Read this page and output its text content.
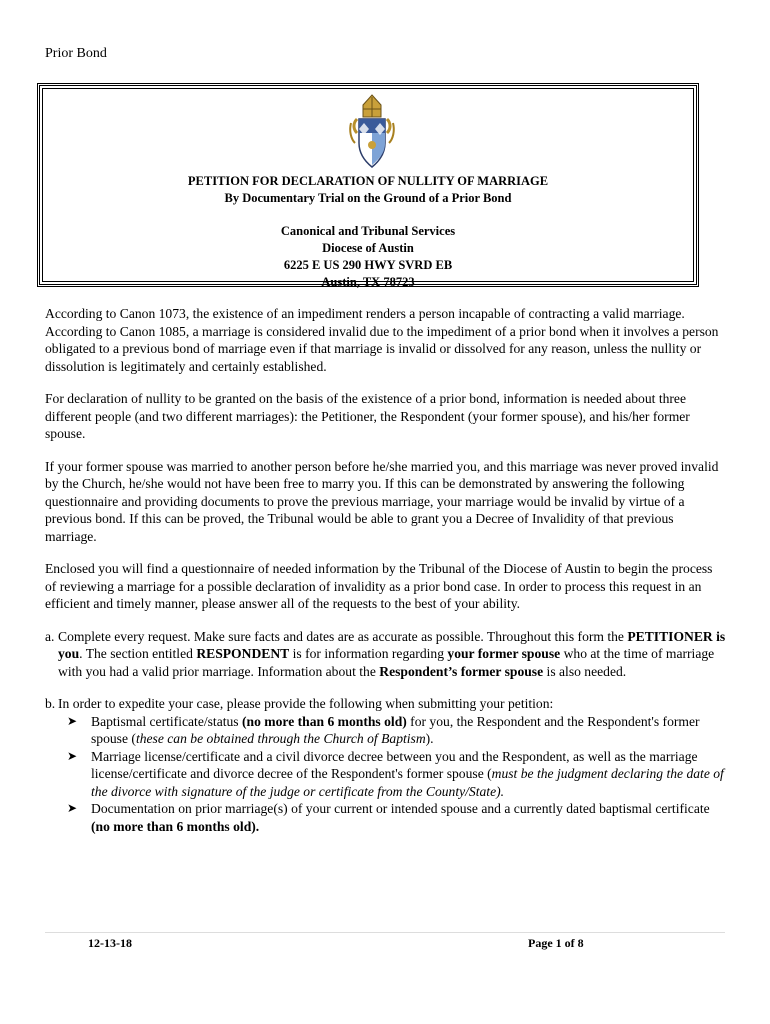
Prior Bond
PETITION FOR DECLARATION OF NULLITY OF MARRIAGE
By Documentary Trial on the Ground of a Prior Bond
Canonical and Tribunal Services
Diocese of Austin
6225 E US 290 HWY SVRD EB
Austin, TX 78723

According to Canon 1073, the existence of an impediment renders a person incapable of contracting a valid marriage. According to Canon 1085, a marriage is considered invalid due to the impediment of a prior bond when it involves a person obligated to a previous bond of marriage even if that marriage is invalid or dissolved for any reason, unless the nullity or dissolution is legitimately and certainly established.

For declaration of nullity to be granted on the basis of the existence of a prior bond, information is needed about three different people (and two different marriages): the Petitioner, the Respondent (your former spouse), and his/her former spouse.

If your former spouse was married to another person before he/she married you, and this marriage was never proved invalid by the Church, he/she would not have been free to marry you. If this can be demonstrated by answering the following questionnaire and providing documents to prove the previous marriage, your marriage would be invalid by virtue of a previous bond. If this can be proved, the Tribunal would be able to grant you a Decree of Invalidity of that previous marriage.

Enclosed you will find a questionnaire of needed information by the Tribunal of the Diocese of Austin to begin the process of reviewing a marriage for a possible declaration of invalidity as a prior bond case. In order to process this request in an efficient and timely manner, please answer all of the requests to the best of your ability.

a. Complete every request. Make sure facts and dates are as accurate as possible. Throughout this form the PETITIONER is you. The section entitled RESPONDENT is for information regarding your former spouse who at the time of marriage with you had a valid prior marriage. Information about the Respondent’s former spouse is also needed.
b. In order to expedite your case, please provide the following when submitting your petition:
➤ Baptismal certificate/status (no more than 6 months old) for you, the Respondent and the Respondent's former spouse (these can be obtained through the Church of Baptism).
➤ Marriage license/certificate and a civil divorce decree between you and the Respondent, as well as the marriage license/certificate and divorce decree of the Respondent's former spouse (must be the judgment declaring the date of the divorce with signature of the judge or certificate from the County/State).
➤ Documentation on prior marriage(s) of your current or intended spouse and a currently dated baptismal certificate (no more than 6 months old).
12-13-18	Page 1 of 8
